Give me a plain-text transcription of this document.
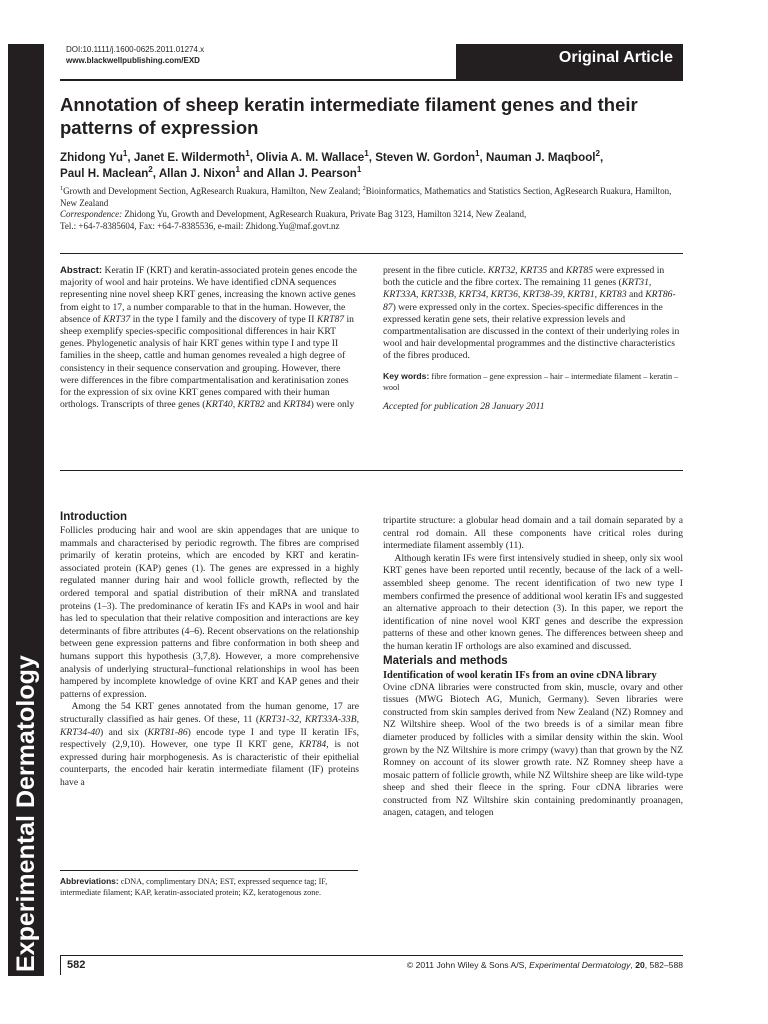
Experimental Dermatology
DOI:10.1111/j.1600-0625.2011.01274.x
www.blackwellpublishing.com/EXD	Original Article
Annotation of sheep keratin intermediate filament genes and their patterns of expression
Zhidong Yu$^1$, Janet E. Wildermoth$^1$, Olivia A. M. Wallace$^1$, Steven W. Gordon$^1$, Nauman J. Maqbool$^2$,
Paul H. Maclean$^2$, Allan J. Nixon$^1$ and Allan J. Pearson$^1$
$^1$Growth and Development Section, AgResearch Ruakura, Hamilton, New Zealand; $^2$Bioinformatics, Mathematics and Statistics Section, AgResearch Ruakura, Hamilton, New Zealand
Correspondence: Zhidong Yu, Growth and Development, AgResearch Ruakura, Private Bag 3123, Hamilton 3214, New Zealand,
Tel.: +64-7-8385604, Fax: +64-7-8385536, e-mail: Zhidong.Yu@maf.govt.nz

Abstract: Keratin IF (KRT) and keratin-associated protein genes encode the majority of wool and hair proteins. We have identified cDNA sequences representing nine novel sheep KRT genes, increasing the known active genes from eight to 17, a number comparable to that in the human. However, the absence of KRT37 in the type I family and the discovery of type II KRT87 in sheep exemplify species-specific compositional differences in hair KRT genes. Phylogenetic analysis of hair KRT genes within type I and type II families in the sheep, cattle and human genomes revealed a high degree of consistency in their sequence conservation and grouping. However, there were differences in the fibre compartmentalisation and keratinisation zones for the expression of six ovine KRT genes compared with their human orthologs. Transcripts of three genes (KRT40, KRT82 and KRT84) were only

present in the fibre cuticle. KRT32, KRT35 and KRT85 were expressed in both the cuticle and the fibre cortex. The remaining 11 genes (KRT31, KRT33A, KRT33B, KRT34, KRT36, KRT38-39, KRT81, KRT83 and KRT86-87) were expressed only in the cortex. Species-specific differences in the expressed keratin gene sets, their relative expression levels and compartmentalisation are discussed in the context of their underlying roles in wool and hair developmental programmes and the distinctive characteristics of the fibres produced.

Key words: fibre formation – gene expression – hair – intermediate filament – keratin – wool

Accepted for publication 28 January 2011

Introduction

Follicles producing hair and wool are skin appendages that are unique to mammals and characterised by periodic regrowth. The fibres are comprised primarily of keratin proteins, which are encoded by KRT and keratin-associated protein (KAP) genes (1). The genes are expressed in a highly regulated manner during hair and wool follicle growth, reflected by the ordered temporal and spatial distribution of their mRNA and translated proteins (1–3). The predominance of keratin IFs and KAPs in wool and hair has led to speculation that their relative composition and interactions are key determinants of fibre attributes (4–6). Recent observations on the relationship between gene expression patterns and fibre conformation in both sheep and humans support this hypothesis (3,7,8). However, a more comprehensive analysis of underlying structural–functional relationships in wool has been hampered by incomplete knowledge of ovine KRT and KAP genes and their patterns of expression.

Among the 54 KRT genes annotated from the human genome, 17 are structurally classified as hair genes. Of these, 11 (KRT31-32, KRT33A-33B, KRT34-40) and six (KRT81-86) encode type I and type II keratin IFs, respectively (2,9,10). However, one type II KRT gene, KRT84, is not expressed during hair morphogenesis. As is characteristic of their epithelial counterparts, the encoded hair keratin intermediate filament (IF) proteins have a

Abbreviations: cDNA, complimentary DNA; EST, expressed sequence tag; IF, intermediate filament; KAP, keratin-associated protein; KZ, keratogenous zone.

tripartite structure: a globular head domain and a tail domain separated by a central rod domain. All these components have critical roles during intermediate filament assembly (11).

Although keratin IFs were first intensively studied in sheep, only six wool KRT genes have been reported until recently, because of the lack of a well-assembled sheep genome. The recent identification of two new type I members confirmed the presence of additional wool keratin IFs and suggested an alternative approach to their detection (3). In this paper, we report the identification of nine novel wool KRT genes and describe the expression patterns of these and other known genes. The differences between sheep and the human keratin IF orthologs are also examined and discussed.

Materials and methods
Identification of wool keratin IFs from an ovine cDNA library

Ovine cDNA libraries were constructed from skin, muscle, ovary and other tissues (MWG Biotech AG, Munich, Germany). Seven libraries were constructed from skin samples derived from New Zealand (NZ) Romney and NZ Wiltshire sheep. Wool of the two breeds is of a similar mean fibre diameter produced by follicles with a similar density within the skin. Wool grown by the NZ Wiltshire is more crimpy (wavy) than that grown by the NZ Romney on account of its slower growth rate. NZ Romney sheep have a mosaic pattern of follicle growth, while NZ Wiltshire sheep are like wild-type sheep and shed their fleece in the spring. Four cDNA libraries were constructed from NZ Wiltshire skin containing predominantly proanagen, anagen, catagen, and telogen

582	© 2011 John Wiley & Sons A/S, Experimental Dermatology, 20, 582–588
